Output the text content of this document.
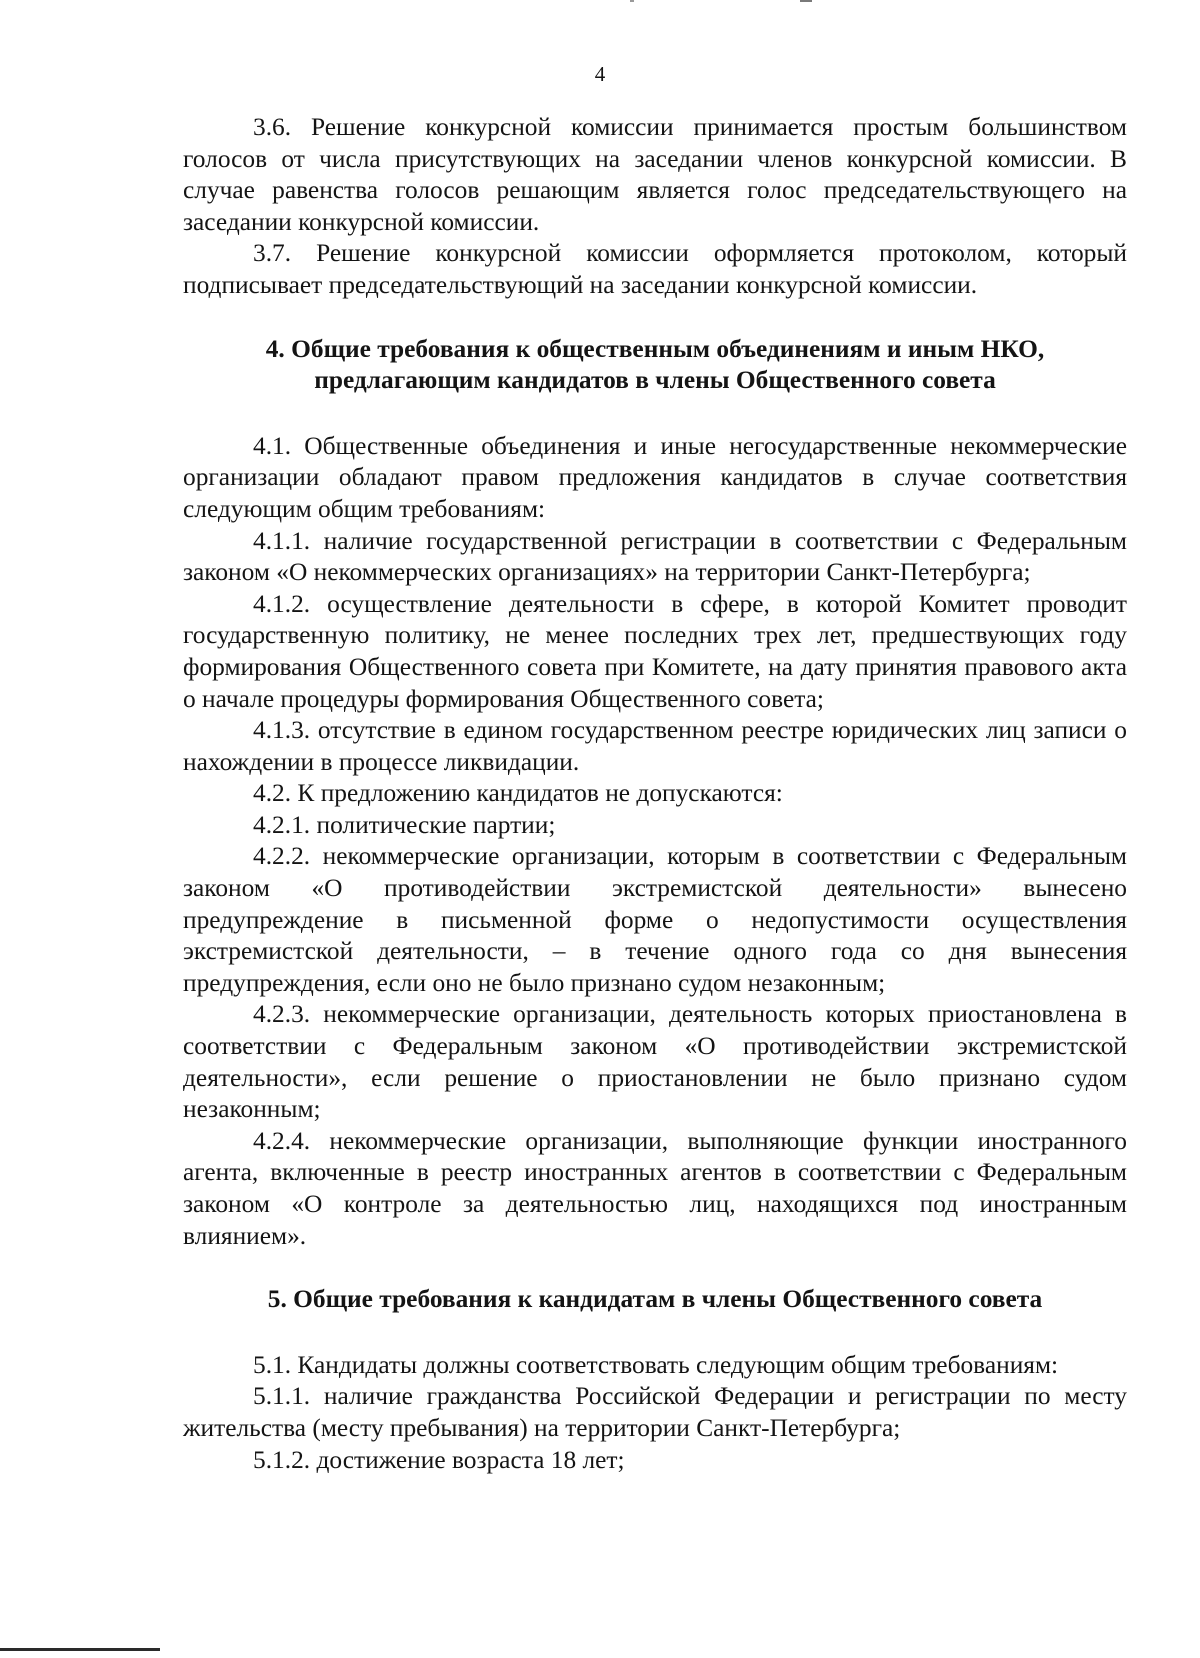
4

3.6. Решение конкурсной комиссии принимается простым большинством голосов от числа присутствующих на заседании членов конкурсной комиссии. В случае равенства голосов решающим является голос председательствующего на заседании конкурсной комиссии.

3.7. Решение конкурсной комиссии оформляется протоколом, который подписывает председательствующий на заседании конкурсной комиссии.

4. Общие требования к общественным объединениям и иным НКО,
предлагающим кандидатов в члены Общественного совета

4.1. Общественные объединения и иные негосударственные некоммерческие организации обладают правом предложения кандидатов в случае соответствия следующим общим требованиям:

4.1.1. наличие государственной регистрации в соответствии с Федеральным законом «О некоммерческих организациях» на территории Санкт-Петербурга;

4.1.2. осуществление деятельности в сфере, в которой Комитет проводит государственную политику, не менее последних трех лет, предшествующих году формирования Общественного совета при Комитете, на дату принятия правового акта о начале процедуры формирования Общественного совета;

4.1.3. отсутствие в едином государственном реестре юридических лиц записи о нахождении в процессе ликвидации.

4.2. К предложению кандидатов не допускаются:

4.2.1. политические партии;

4.2.2. некоммерческие организации, которым в соответствии с Федеральным законом «О противодействии экстремистской деятельности» вынесено предупреждение в письменной форме о недопустимости осуществления экстремистской деятельности, – в течение одного года со дня вынесения предупреждения, если оно не было признано судом незаконным;

4.2.3. некоммерческие организации, деятельность которых приостановлена в соответствии с Федеральным законом «О противодействии экстремистской деятельности», если решение о приостановлении не было признано судом незаконным;

4.2.4. некоммерческие организации, выполняющие функции иностранного агента, включенные в реестр иностранных агентов в соответствии с Федеральным законом «О контроле за деятельностью лиц, находящихся под иностранным влиянием».

5. Общие требования к кандидатам в члены Общественного совета

5.1. Кандидаты должны соответствовать следующим общим требованиям:

5.1.1. наличие гражданства Российской Федерации и регистрации по месту жительства (месту пребывания) на территории Санкт-Петербурга;

5.1.2. достижение возраста 18 лет;
